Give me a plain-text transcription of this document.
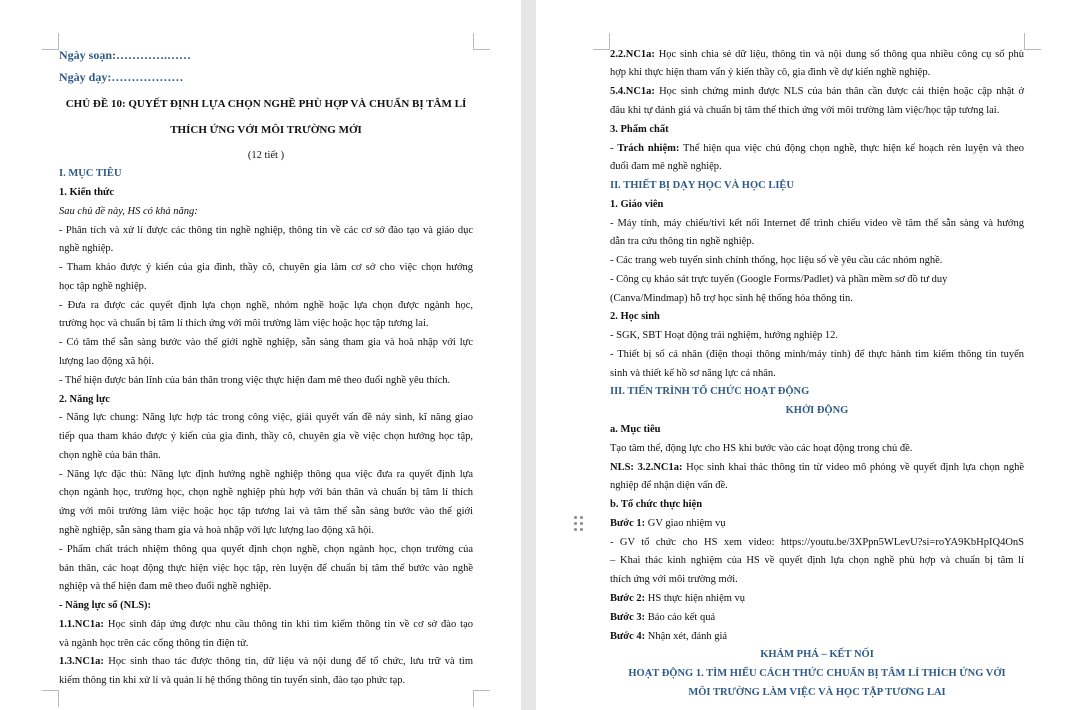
Ngày soạn:………….……
Ngày dạy:………………
CHỦ ĐỀ 10: QUYẾT ĐỊNH LỰA CHỌN NGHỀ PHÙ HỢP VÀ CHUẨN BỊ TÂM LÍ
THÍCH ỨNG VỚI MÔI TRƯỜNG MỚI
(12 tiết )
I. MỤC TIÊU
1. Kiến thức
Sau chủ đề này, HS có khả năng:
- Phân tích và xử lí được các thông tin nghề nghiệp, thông tin về các cơ sở đào tạo và giáo dục
nghề nghiệp.
- Tham khảo được ý kiến của gia đình, thầy cô, chuyên gia làm cơ sở cho việc chọn hướng
học tập nghề nghiệp.
- Đưa ra được các quyết định lựa chọn nghề, nhóm nghề hoặc lựa chọn được ngành học,
trường học và chuẩn bị tâm lí thích ứng với môi trường làm việc hoặc học tập tương lai.
- Có tâm thế sẵn sàng bước vào thế giới nghề nghiệp, sẵn sàng tham gia và hoà nhập với lực
lượng lao động xã hội.
- Thể hiện được bản lĩnh của bản thân trong việc thực hiện đam mê theo đuổi nghề yêu thích.
2. Năng lực
- Năng lực chung: Năng lực hợp tác trong công việc, giải quyết vấn đề nảy sinh, kĩ năng giao
tiếp qua tham khảo được ý kiến của gia đình, thầy cô, chuyên gia về việc chọn hướng học tập,
chọn nghề của bản thân.
- Năng lực đặc thù: Năng lực định hướng nghề nghiệp thông qua việc đưa ra quyết định lựa
chọn ngành học, trường học, chọn nghề nghiệp phù hợp với bản thân và chuẩn bị tâm lí thích
ứng với môi trường làm việc hoặc học tập tương lai và tâm thế sẵn sàng bước vào thế giới
nghề nghiệp, sẵn sàng tham gia và hoà nhập với lực lượng lao động xã hội.
- Phẩm chất trách nhiệm thông qua quyết định chọn nghề, chọn ngành học, chọn trường của
bản thân, các hoạt động thực hiện việc học tập, rèn luyện để chuẩn bị tâm thế bước vào nghề
nghiệp và thể hiện đam mê theo đuổi nghề nghiệp.
- Năng lực số (NLS):
1.1.NC1a: Học sinh đáp ứng được nhu cầu thông tin khi tìm kiếm thông tin về cơ sở đào tạo
và ngành học trên các cổng thông tin điện tử.
1.3.NC1a: Học sinh thao tác được thông tin, dữ liệu và nội dung để tổ chức, lưu trữ và tìm
kiếm thông tin khi xử lí và quản lí hệ thống thông tin tuyển sinh, đào tạo phức tạp.
2.2.NC1a: Học sinh chia sẻ dữ liệu, thông tin và nội dung số thông qua nhiều công cụ số phù
hợp khi thực hiện tham vấn ý kiến thầy cô, gia đình về dự kiến nghề nghiệp.
5.4.NC1a: Học sinh chứng minh được NLS của bản thân cần được cải thiện hoặc cập nhật ở
đâu khi tự đánh giá và chuẩn bị tâm thế thích ứng với môi trường làm việc/học tập tương lai.
3. Phẩm chất
- Trách nhiệm: Thể hiện qua việc chủ động chọn nghề, thực hiện kế hoạch rèn luyện và theo
đuổi đam mê nghề nghiệp.
II. THIẾT BỊ DẠY HỌC VÀ HỌC LIỆU
1. Giáo viên
- Máy tính, máy chiếu/tivi kết nối Internet để trình chiếu video về tâm thế sẵn sàng và hướng
dẫn tra cứu thông tin nghề nghiệp.
- Các trang web tuyển sinh chính thống, học liệu số về yêu cầu các nhóm nghề.
- Công cụ khảo sát trực tuyến (Google Forms/Padlet) và phần mềm sơ đồ tư duy
(Canva/Mindmap) hỗ trợ học sinh hệ thống hóa thông tin.
2. Học sinh
- SGK, SBT Hoạt động trải nghiệm, hướng nghiệp 12.
- Thiết bị số cá nhân (điện thoại thông minh/máy tính) để thực hành tìm kiếm thông tin tuyển
sinh và thiết kế hồ sơ năng lực cá nhân.
III. TIẾN TRÌNH TỔ CHỨC HOẠT ĐỘNG
KHỞI ĐỘNG
a. Mục tiêu
Tạo tâm thế, động lực cho HS khi bước vào các hoạt động trong chủ đề.
NLS: 3.2.NC1a: Học sinh khai thác thông tin từ video mô phỏng về quyết định lựa chọn nghề
nghiệp để nhận diện vấn đề.
b. Tổ chức thực hiện
Bước 1: GV giao nhiệm vụ
- GV tổ chức cho HS xem video: https://youtu.be/3XPpn5WLevU?si=roYA9KbHpIQ4OnS
– Khai thác kinh nghiệm của HS về quyết định lựa chọn nghề phù hợp và chuẩn bị tâm lí
thích ứng với môi trường mới.
Bước 2: HS thực hiện nhiệm vụ
Bước 3: Báo cáo kết quả
Bước 4: Nhận xét, đánh giá
KHÁM PHÁ – KẾT NỐI
HOẠT ĐỘNG 1. TÌM HIỂU CÁCH THỨC CHUẨN BỊ TÂM LÍ THÍCH ỨNG VỚI
MÔI TRƯỜNG LÀM VIỆC VÀ HỌC TẬP TƯƠNG LAI
